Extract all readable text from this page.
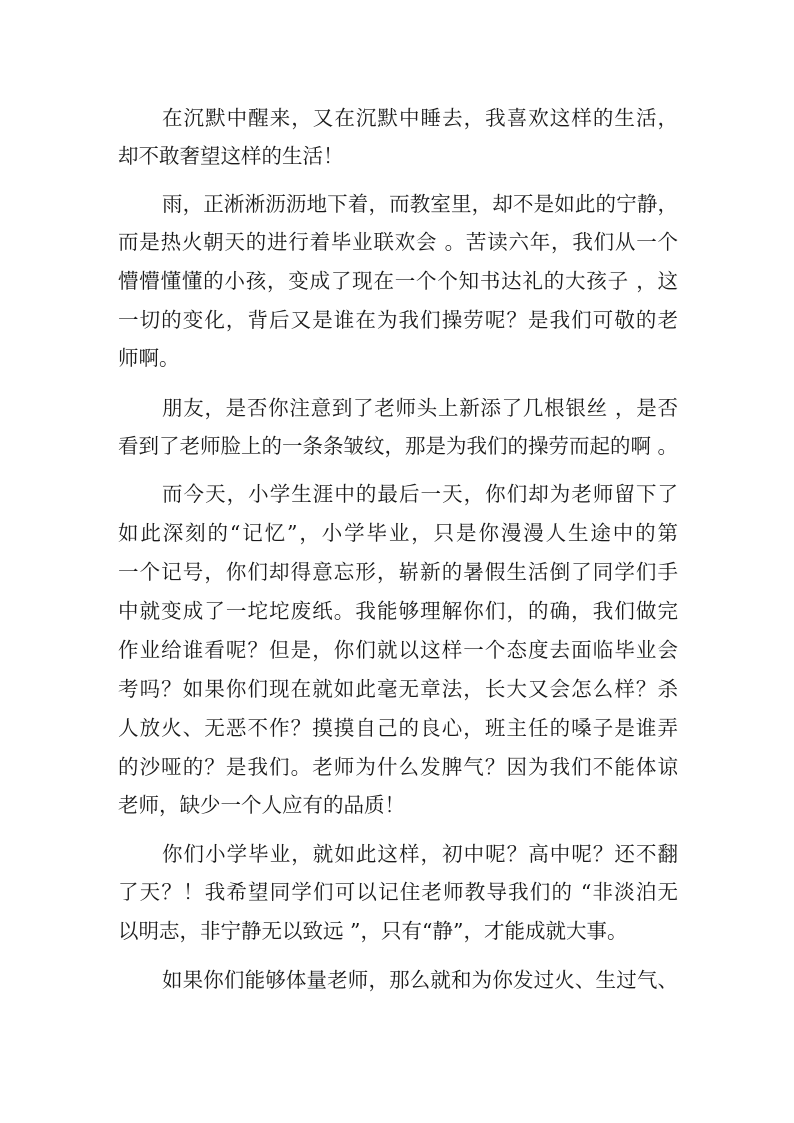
在沉默中醒来，又在沉默中睡去，我喜欢这样的生活，
却不敢奢望这样的生活！
雨，正淅淅沥沥地下着，而教室里，却不是如此的宁静，
而是热火朝天的进行着毕业联欢会 。苦读六年，我们从一个
懵懵懂懂的小孩，变成了现在一个个知书达礼的大孩子 ，这
一切的变化，背后又是谁在为我们操劳呢？是我们可敬的老
师啊。
朋友，是否你注意到了老师头上新添了几根银丝 ，是否
看到了老师脸上的一条条皱纹，那是为我们的操劳而起的啊 。
而今天，小学生涯中的最后一天，你们却为老师留下了
如此深刻的“记忆”，小学毕业，只是你漫漫人生途中的第
一个记号，你们却得意忘形，崭新的暑假生活倒了同学们手
中就变成了一坨坨废纸。我能够理解你们，的确，我们做完
作业给谁看呢？但是，你们就以这样一个态度去面临毕业会
考吗？如果你们现在就如此毫无章法，长大又会怎么样？杀
人放火、无恶不作？摸摸自己的良心，班主任的嗓子是谁弄
的沙哑的？是我们。老师为什么发脾气？因为我们不能体谅
老师，缺少一个人应有的品质！
你们小学毕业，就如此这样，初中呢？高中呢？还不翻
了天？！我希望同学们可以记住老师教导我们的 “非淡泊无
以明志，非宁静无以致远 ”，只有“静”，才能成就大事。
如果你们能够体量老师，那么就和为你发过火、生过气、
